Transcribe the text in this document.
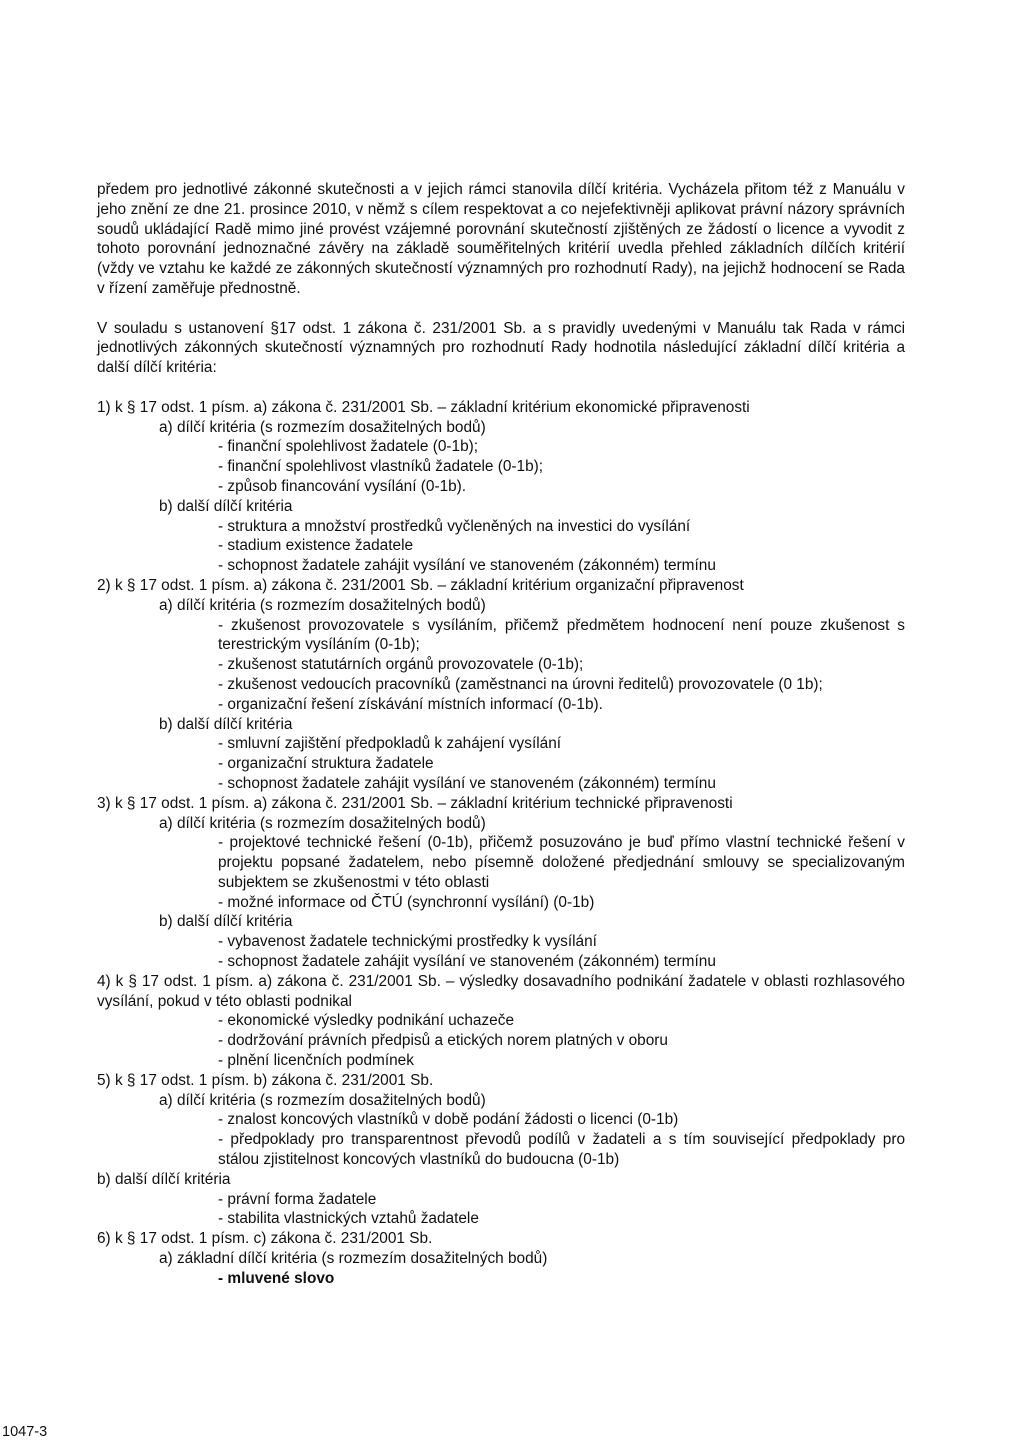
předem pro jednotlivé zákonné skutečnosti a v jejich rámci stanovila dílčí kritéria. Vycházela přitom též z Manuálu v jeho znění ze dne 21. prosince 2010, v němž s cílem respektovat a co nejefektivněji aplikovat právní názory správních soudů ukládající Radě mimo jiné provést vzájemné porovnání skutečností zjištěných ze žádostí o licence a vyvodit z tohoto porovnání jednoznačné závěry na základě souměřitelných kritérií uvedla přehled základních dílčích kritérií (vždy ve vztahu ke každé ze zákonných skutečností významných pro rozhodnutí Rady), na jejichž hodnocení se Rada v řízení zaměřuje přednostně.

V souladu s ustanovení §17 odst. 1 zákona č. 231/2001 Sb. a s pravidly uvedenými v Manuálu tak Rada v rámci jednotlivých zákonných skutečností významných pro rozhodnutí Rady hodnotila následující základní dílčí kritéria a další dílčí kritéria:

1) k § 17 odst. 1 písm. a) zákona č. 231/2001 Sb. – základní kritérium ekonomické připravenosti
a) dílčí kritéria (s rozmezím dosažitelných bodů)
- finanční spolehlivost žadatele (0-1b);
- finanční spolehlivost vlastníků žadatele (0-1b);
- způsob financování vysílání (0-1b).
b) další dílčí kritéria
- struktura a množství prostředků vyčleněných na investici do vysílání
- stadium existence žadatele
- schopnost žadatele zahájit vysílání ve stanoveném (zákonném) termínu
2) k § 17 odst. 1 písm. a) zákona č. 231/2001 Sb. – základní kritérium organizační připravenost
a) dílčí kritéria (s rozmezím dosažitelných bodů)
- zkušenost provozovatele s vysíláním, přičemž předmětem hodnocení není pouze zkušenost s terestrickým vysíláním (0-1b);
- zkušenost statutárních orgánů provozovatele (0-1b);
- zkušenost vedoucích pracovníků (zaměstnanci na úrovni ředitelů) provozovatele (0 1b);
- organizační řešení získávání místních informací (0-1b).
b) další dílčí kritéria
- smluvní zajištění předpokladů k zahájení vysílání
- organizační struktura žadatele
- schopnost žadatele zahájit vysílání ve stanoveném (zákonném) termínu
3) k § 17 odst. 1 písm. a) zákona č. 231/2001 Sb. – základní kritérium technické připravenosti
a) dílčí kritéria (s rozmezím dosažitelných bodů)
- projektové technické řešení (0-1b), přičemž posuzováno je buď přímo vlastní technické řešení v projektu popsané žadatelem, nebo písemně doložené předjednání smlouvy se specializovaným subjektem se zkušenostmi v této oblasti
- možné informace od ČTÚ (synchronní vysílání) (0-1b)
b) další dílčí kritéria
- vybavenost žadatele technickými prostředky k vysílání
- schopnost žadatele zahájit vysílání ve stanoveném (zákonném) termínu
4) k § 17 odst. 1 písm. a) zákona č. 231/2001 Sb. – výsledky dosavadního podnikání žadatele v oblasti rozhlasového vysílání, pokud v této oblasti podnikal
- ekonomické výsledky podnikání uchazeče
- dodržování právních předpisů a etických norem platných v oboru
- plnění licenčních podmínek
5) k § 17 odst. 1 písm. b) zákona č. 231/2001 Sb.
a) dílčí kritéria (s rozmezím dosažitelných bodů)
- znalost koncových vlastníků v době podání žádosti o licenci (0-1b)
- předpoklady pro transparentnost převodů podílů v žadateli a s tím související předpoklady pro stálou zjistitelnost koncových vlastníků do budoucna (0-1b)
b) další dílčí kritéria
- právní forma žadatele
- stabilita vlastnických vztahů žadatele
6) k § 17 odst. 1 písm. c) zákona č. 231/2001 Sb.
a) základní dílčí kritéria (s rozmezím dosažitelných bodů)
- mluvené slovo
1047-3
